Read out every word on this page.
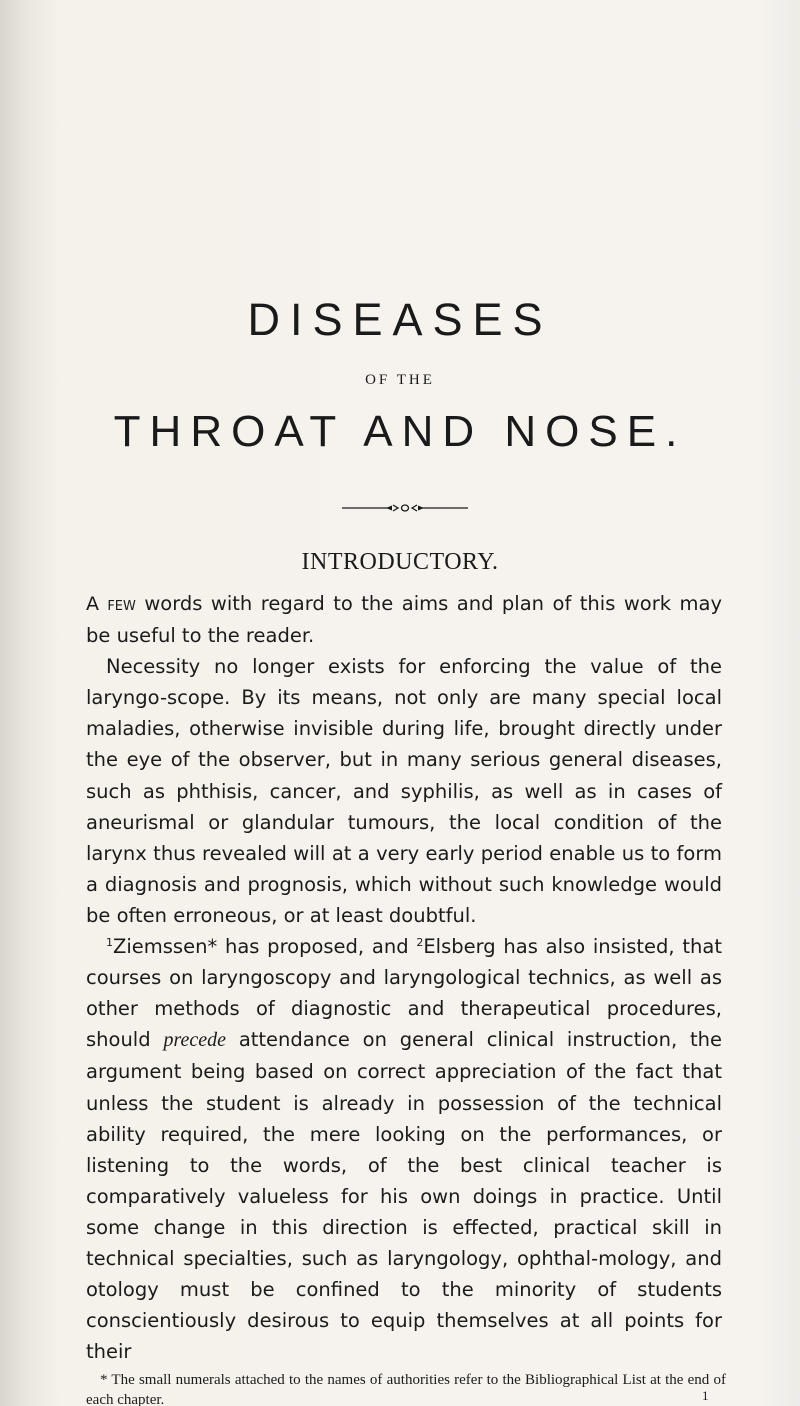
DISEASES
OF THE
THROAT AND NOSE.
INTRODUCTORY.

A few words with regard to the aims and plan of this work may be useful to the reader.

Necessity no longer exists for enforcing the value of the laryngo-scope. By its means, not only are many special local maladies, otherwise invisible during life, brought directly under the eye of the observer, but in many serious general diseases, such as phthisis, cancer, and syphilis, as well as in cases of aneurismal or glandular tumours, the local condition of the larynx thus revealed will at a very early period enable us to form a diagnosis and prognosis, which without such knowledge would be often erroneous, or at least doubtful.

$^1$Ziemssen* has proposed, and $^2$Elsberg has also insisted, that courses on laryngoscopy and laryngological technics, as well as other methods of diagnostic and therapeutical procedures, should precede attendance on general clinical instruction, the argument being based on correct appreciation of the fact that unless the student is already in possession of the technical ability required, the mere looking on the performances, or listening to the words, of the best clinical teacher is comparatively valueless for his own doings in practice. Until some change in this direction is effected, practical skill in technical specialties, such as laryngology, ophthal-mology, and otology must be confined to the minority of students conscientiously desirous to equip themselves at all points for their

* The small numerals attached to the names of authorities refer to the Bibliographical List at the end of each chapter.	1
